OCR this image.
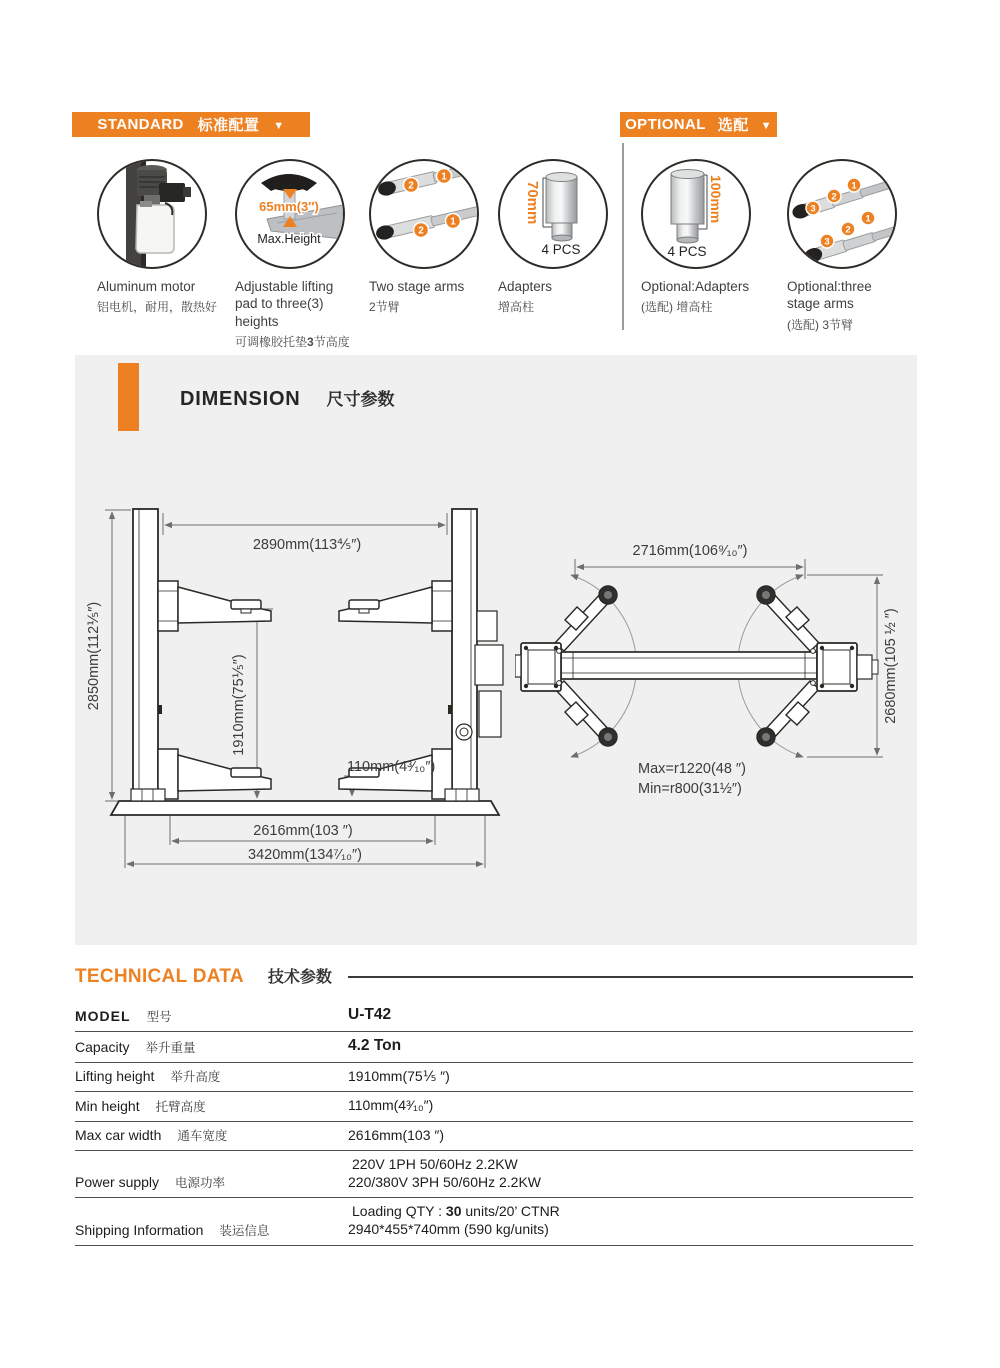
STANDARD 标准配置 ▼	OPTIONAL 选配 ▼
Aluminum motor
铝电机，耐用，散热好
65mm(3″)
Max.Height
Adjustable lifting pad to three(3) heights
可调橡胶托垫3节高度
2
1
2
1
Two stage arms
2节臂
70mm
4 PCS
Adapters
增高柱
100mm
4 PCS
Optional:Adapters
(选配) 增高柱
3
2
1
3
2
1
Optional:three stage arms
(选配) 3节臂
DIMENSION 尺寸参数
2890mm(113⅘″)
2850mm(112⅕″)	1910mm(75⅕″)
110mm(4³⁄₁₀″)
2616mm(103 ″)
3420mm(134⁷⁄₁₀″)
2716mm(106⁹⁄₁₀″)
2680mm(105 ½ ″)
Max=r1220(48 ″)
Min=r800(31½″)
TECHNICAL DATA 技术参数
MODEL 型号	U-T42
Capacity 举升重量	4.2 Ton
Lifting height 举升高度	1910mm(75⅕ ″)
Min height 托臂高度	110mm(4³⁄₁₀″)
Max car width 通车宽度	2616mm(103 ″)
Power supply 电源功率
220V 1PH 50/60Hz 2.2KW
220/380V 3PH 50/60Hz 2.2KW
Shipping Information 装运信息
Loading QTY : 30 units/20’ CTNR
2940*455*740mm (590 kg/units)
